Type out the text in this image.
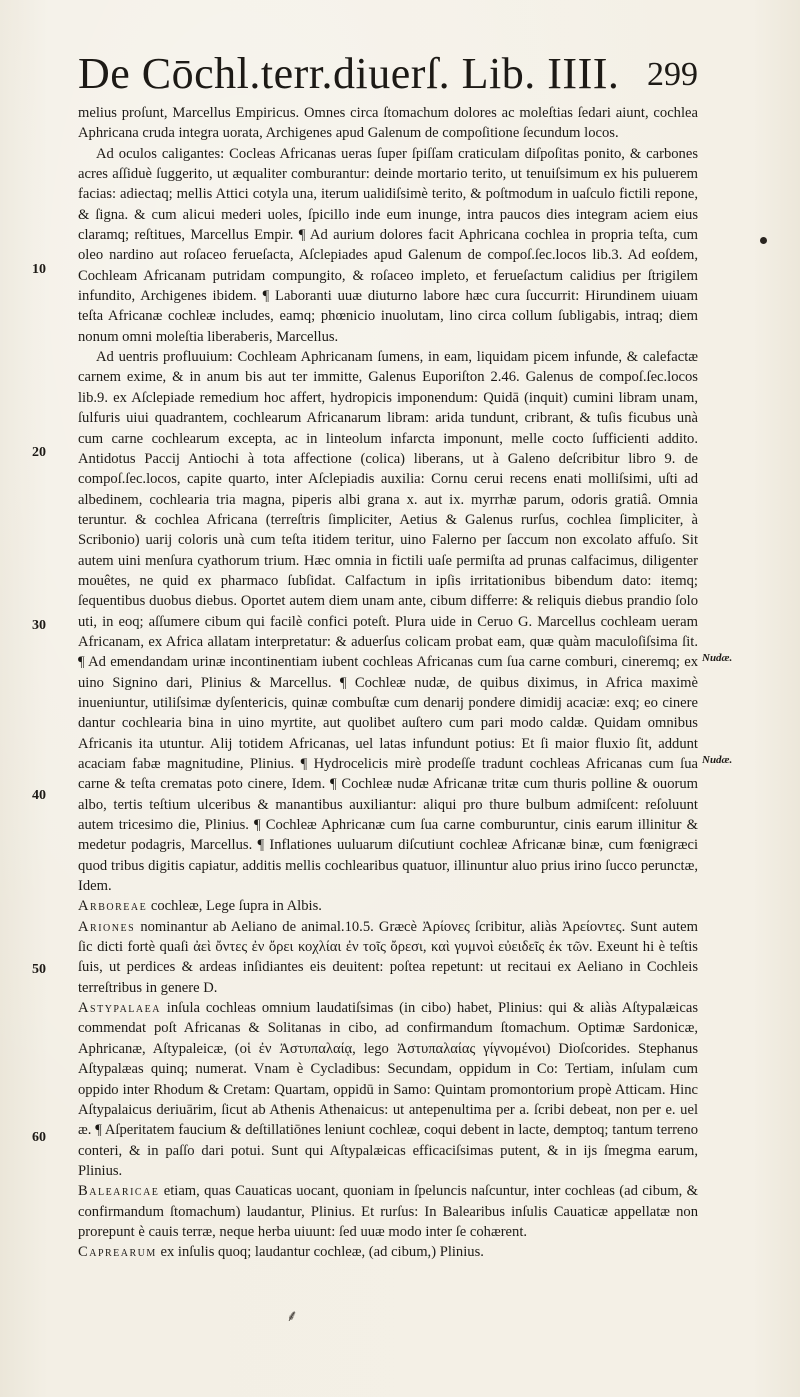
De Cōchl.terr.diuerſ. Lib. IIII. 299

melius proſunt, Marcellus Empiricus. Omnes circa ſtomachum dolores ac moleſtias ſedari aiunt, cochlea Aphricana cruda integra uorata, Archigenes apud Galenum de compoſitione ſecundum locos.

Ad oculos caligantes: Cocleas Africanas ueras ſuper ſpiſſam craticulam diſpoſitas ponito, & carbones acres aſſiduè ſuggerito, ut æqualiter comburantur: deinde mortario terito, ut tenuiſsimum ex his puluerem facias: adiectaq; mellis Attici cotyla una, iterum ualidiſsimè terito, & poſtmodum in uaſculo fictili repone, & ſigna. & cum alicui mederi uoles, ſpicillo inde eum inunge, intra paucos dies integram aciem eius claramq; reſtitues, Marcellus Empir. ¶ Ad aurium dolores facit Aphricana cochlea in propria teſta, cum oleo nardino aut roſaceo ferueſacta, Aſclepiades apud Galenum de compoſ.ſec.locos lib.3. Ad eoſdem, Cochleam Africanam putridam compungito, & roſaceo impleto, et ferueſactum calidius per ſtrigilem infundito, Archigenes ibidem. ¶ Laboranti uuæ diuturno labore hæc cura ſuccurrit: Hirundinem uiuam teſta Africanæ cochleæ includes, eamq; phœnicio inuolutam, lino circa collum ſubligabis, intraq; diem nonum omni moleſtia liberaberis, Marcellus.

Ad uentris profluuium: Cochleam Aphricanam ſumens, in eam, liquidam picem infunde, & calefactæ carnem exime, & in anum bis aut ter immitte, Galenus Euporiſton 2.46. Galenus de compoſ.ſec.locos lib.9. ex Aſclepiade remedium hoc affert, hydropicis imponendum: Quidā (inquit) cumini libram unam, ſulfuris uiui quadrantem, cochlearum Africanarum libram: arida tundunt, cribrant, & tuſis ficubus unà cum carne cochlearum excepta, ac in linteolum infarcta imponunt, melle cocto ſufficienti addito. Antidotus Paccij Antiochi à tota affectione (colica) liberans, ut à Galeno deſcribitur libro 9. de compoſ.ſec.locos, capite quarto, inter Aſclepiadis auxilia: Cornu cerui recens enati molliſsimi, uſti ad albedinem, cochlearia tria magna, piperis albi grana x. aut ix. myrrhæ parum, odoris gratiâ. Omnia teruntur. & cochlea Africana (terreſtris ſimpliciter, Aetius & Galenus rurſus, cochlea ſimpliciter, à Scribonio) uarij coloris unà cum teſta itidem teritur, uino Falerno per ſaccum non excolato affuſo. Sit autem uini menſura cyathorum trium. Hæc omnia in fictili uaſe permiſta ad prunas calfacimus, diligenter mouêtes, ne quid ex pharmaco ſubſidat. Calfactum in ipſis irritationibus bibendum dato: itemq; ſequentibus duobus diebus. Oportet autem diem unam ante, cibum differre: & reliquis diebus prandio ſolo uti, in eoq; aſſumere cibum qui facilè confici poteſt. Plura uide in Ceruo G. Marcellus cochleam ueram Africanam, ex Africa allatam interpretatur: & aduerſus colicam probat eam, quæ quàm maculoſiſsima ſit. ¶ Ad emendandam urinæ incontinentiam iubent cochleas Africanas cum ſua carne comburi, cineremq; ex uino Signino dari, Plinius & Marcellus. ¶ Cochleæ nudæ, de quibus diximus, in Africa maximè inueniuntur, utiliſsimæ dyſentericis, quinæ combuſtæ cum denarij pondere dimidij acaciæ: exq; eo cinere dantur cochlearia bina in uino myrtite, aut quolibet auſtero cum pari modo caldæ. Quidam omnibus Africanis ita utuntur. Alij totidem Africanas, uel latas infundunt potius: Et ſi maior fluxio ſit, addunt acaciam fabæ magnitudine, Plinius. ¶ Hydrocelicis mirè prodeſſe tradunt cochleas Africanas cum ſua carne & teſta crematas poto cinere, Idem. ¶ Cochleæ nudæ Africanæ tritæ cum thuris polline & ouorum albo, tertis teſtium ulceribus & manantibus auxiliantur: aliqui pro thure bulbum admiſcent: reſoluunt autem tricesimo die, Plinius. ¶ Cochleæ Aphricanæ cum ſua carne comburuntur, cinis earum illinitur & medetur podagris, Marcellus. ¶ Inflationes uuluarum diſcutiunt cochleæ Africanæ binæ, cum fœnigræci quod tribus digitis capiatur, additis mellis cochlearibus quatuor, illinuntur aluo prius irino ſucco perunctæ, Idem.

Arboreae cochleæ, Lege ſupra in Albis.

Ariones nominantur ab Aeliano de animal.10.5. Græcè Ἀρίονες ſcribitur, aliàs Ἀρείοντες. Sunt autem ſic dicti fortè quaſi ἀεὶ ὄντες ἐν ὄρει κοχλίαι ἐν τοῖς ὄρεσι, καὶ γυμνοὶ εὐειδεῖς ἐκ τῶν. Exeunt hi è teſtis ſuis, ut perdices & ardeas inſidiantes eis deuitent: poſtea repetunt: ut recitaui ex Aeliano in Cochleis terreſtribus in genere D.

Astypalaea inſula cochleas omnium laudatiſsimas (in cibo) habet, Plinius: qui & aliàs Aſtypalæicas commendat poſt Africanas & Solitanas in cibo, ad confirmandum ſtomachum. Optimæ Sardonicæ, Aphricanæ, Aſtypaleicæ, (οἱ ἐν Ἀστυπαλαίᾳ, lego Ἀστυπαλαίας γίγνομένοι) Dioſcorides. Stephanus Aſtypalæas quinq; numerat. Vnam è Cycladibus: Secundam, oppidum in Co: Tertiam, inſulam cum oppido inter Rhodum & Cretam: Quartam, oppidū in Samo: Quintam promontorium propè Atticam. Hinc Aſtypalaicus deriuārim, ſicut ab Athenis Athenaicus: ut antepenultima per a. ſcribi debeat, non per e. uel æ. ¶ Aſperitatem faucium & deſtillatiōnes leniunt cochleæ, coqui debent in lacte, demptoq; tantum terreno conteri, & in paſſo dari potui. Sunt qui Aſtypalæicas efficaciſsimas putent, & in ijs ſmegma earum, Plinius.

Balearicae etiam, quas Cauaticas uocant, quoniam in ſpeluncis naſcuntur, inter cochleas (ad cibum, & confirmandum ſtomachum) laudantur, Plinius. Et rurſus: In Balearibus inſulis Cauaticæ appellatæ non prorepunt è cauis terræ, neque herba uiuunt: ſed uuæ modo inter ſe cohærent.

Caprearum ex inſulis quoq; laudantur cochleæ, (ad cibum,) Plinius.

10
20
30
40
50
60
Nudæ.
Nudæ.
⸙
